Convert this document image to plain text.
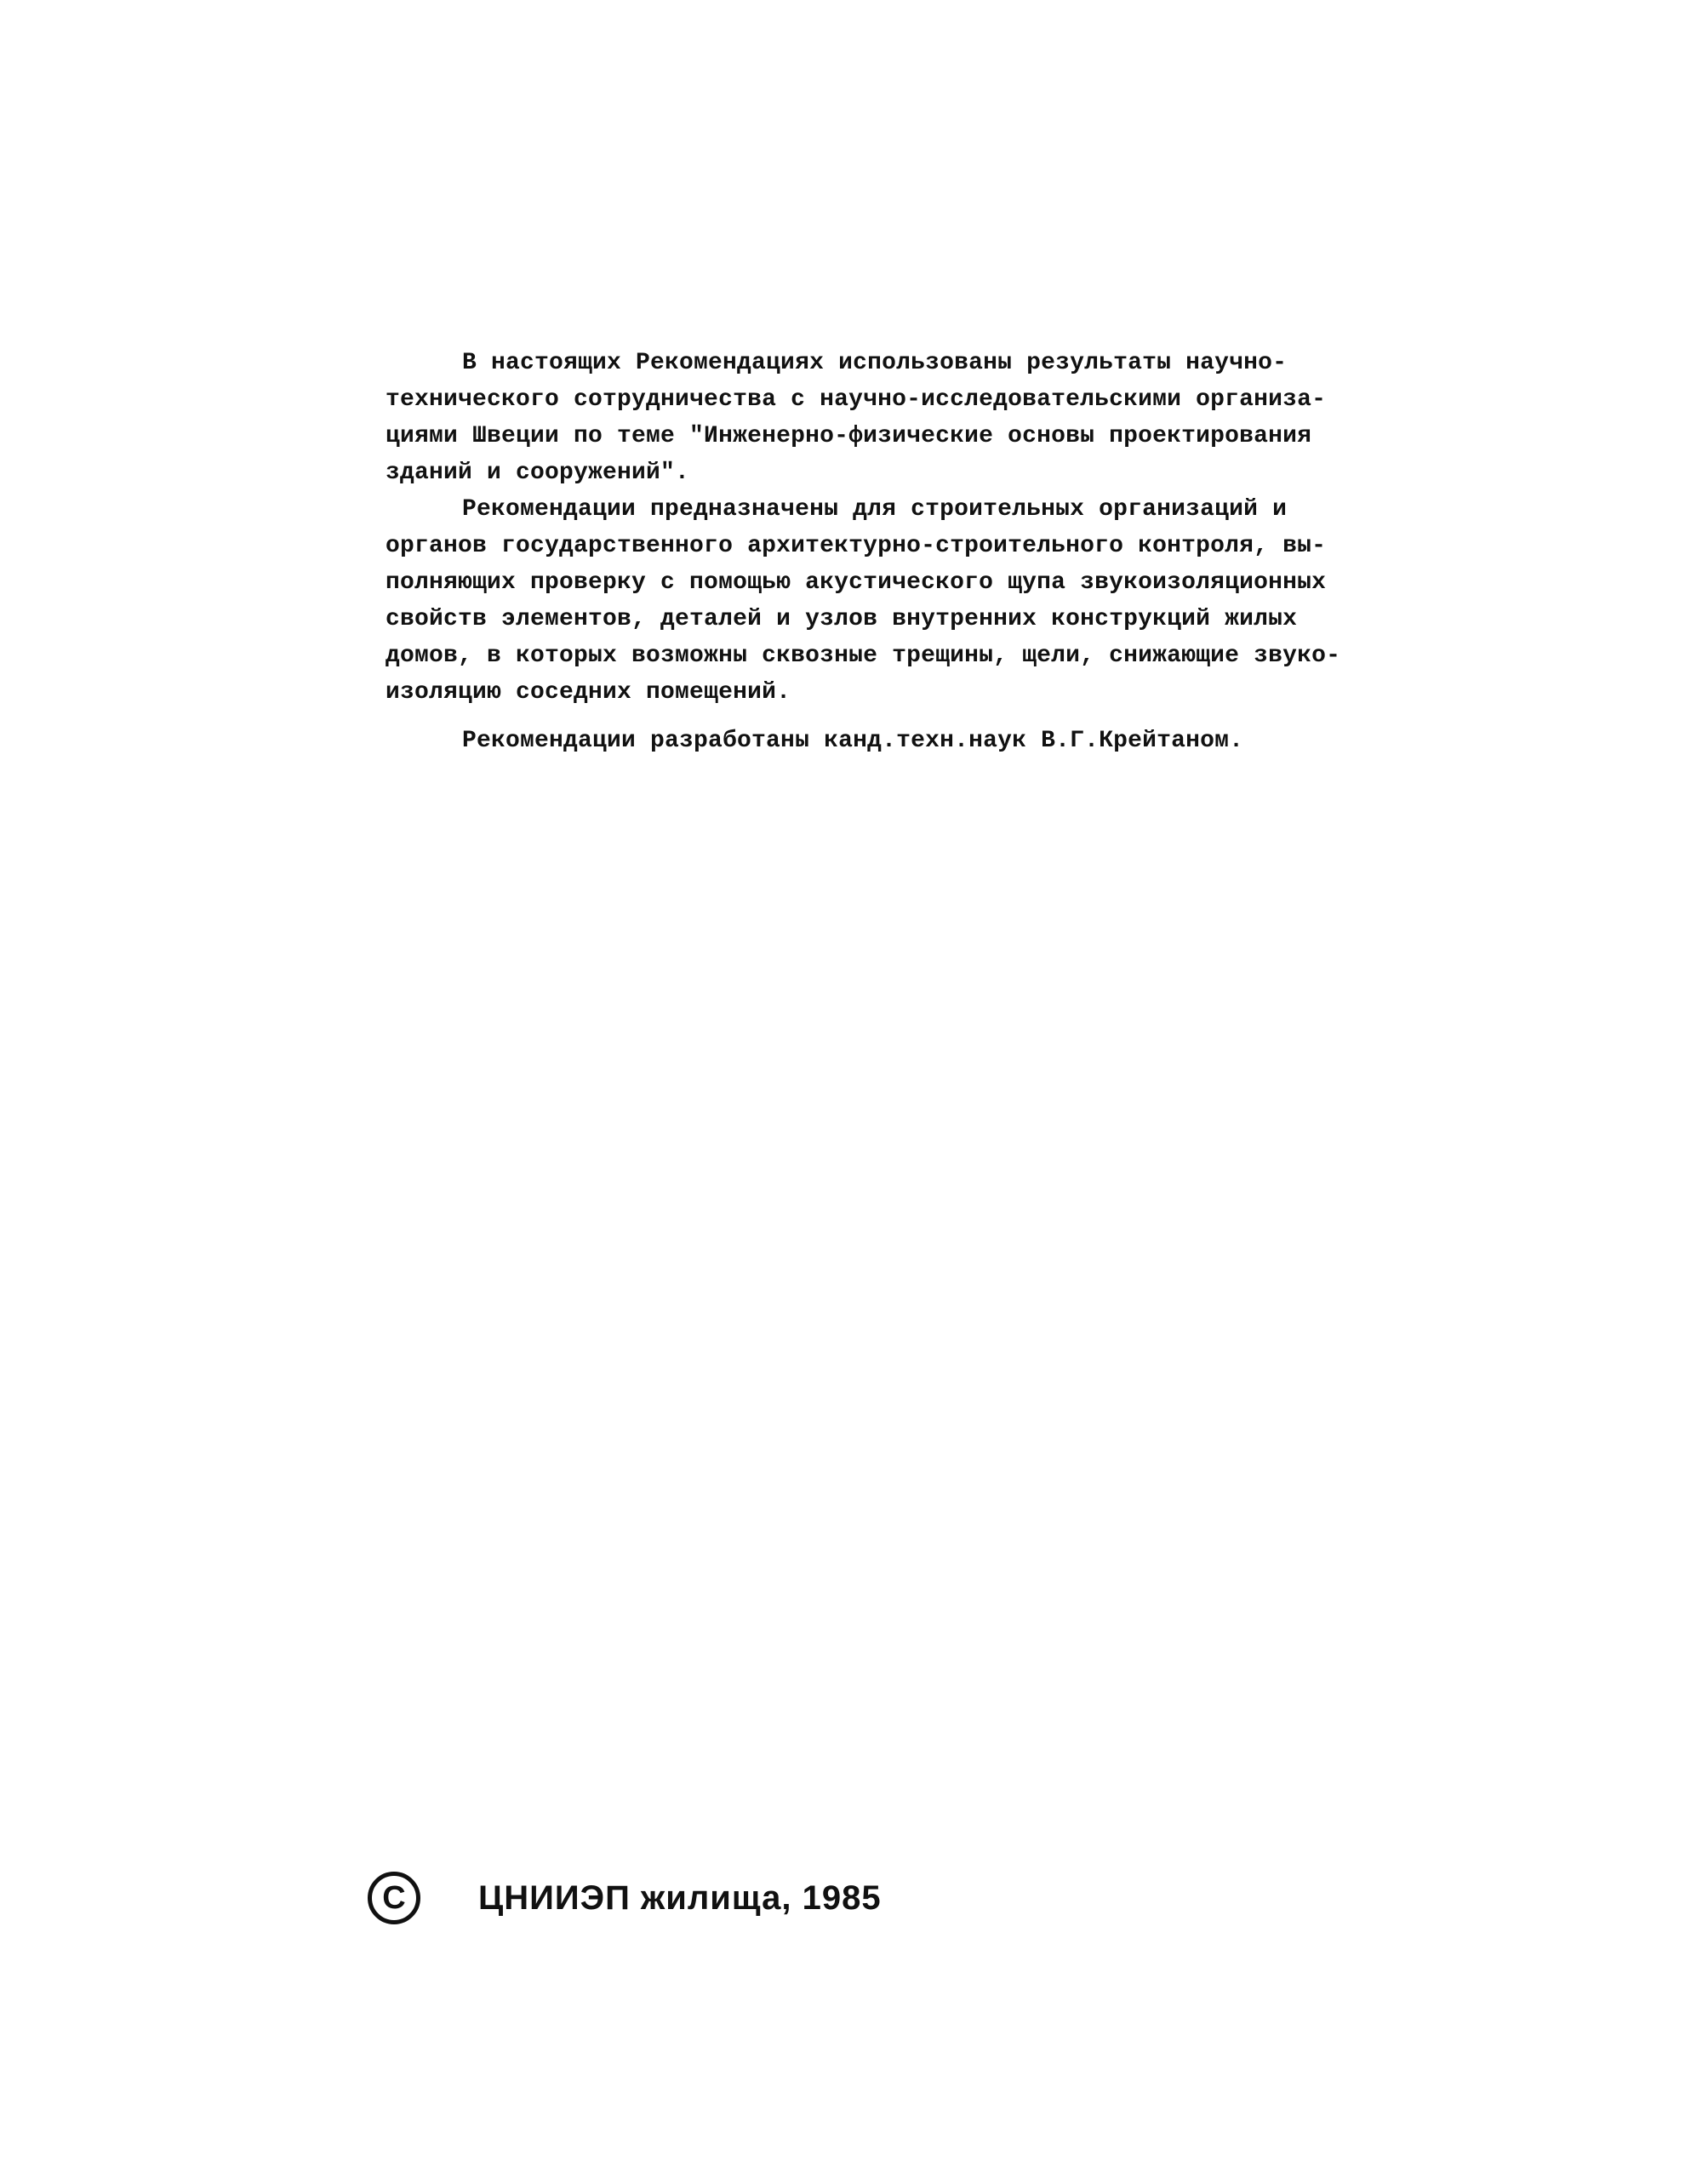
В настоящих Рекомендациях использованы результаты научно-
технического сотрудничества с научно-исследовательскими организа-
циями Швеции по теме "Инженерно-физические основы проектирования
зданий и сооружений".
Рекомендации предназначены для строительных организаций и
органов государственного архитектурно-строительного контроля, вы-
полняющих проверку с помощью акустического щупа звукоизоляционных
свойств элементов, деталей и узлов внутренних конструкций жилых
домов, в которых возможны сквозные трещины, щели, снижающие звуко-
изоляцию соседних помещений.
Рекомендации разработаны канд.техн.наук В.Г.Крейтаном.
C ЦНИИЭП жилища, 1985
